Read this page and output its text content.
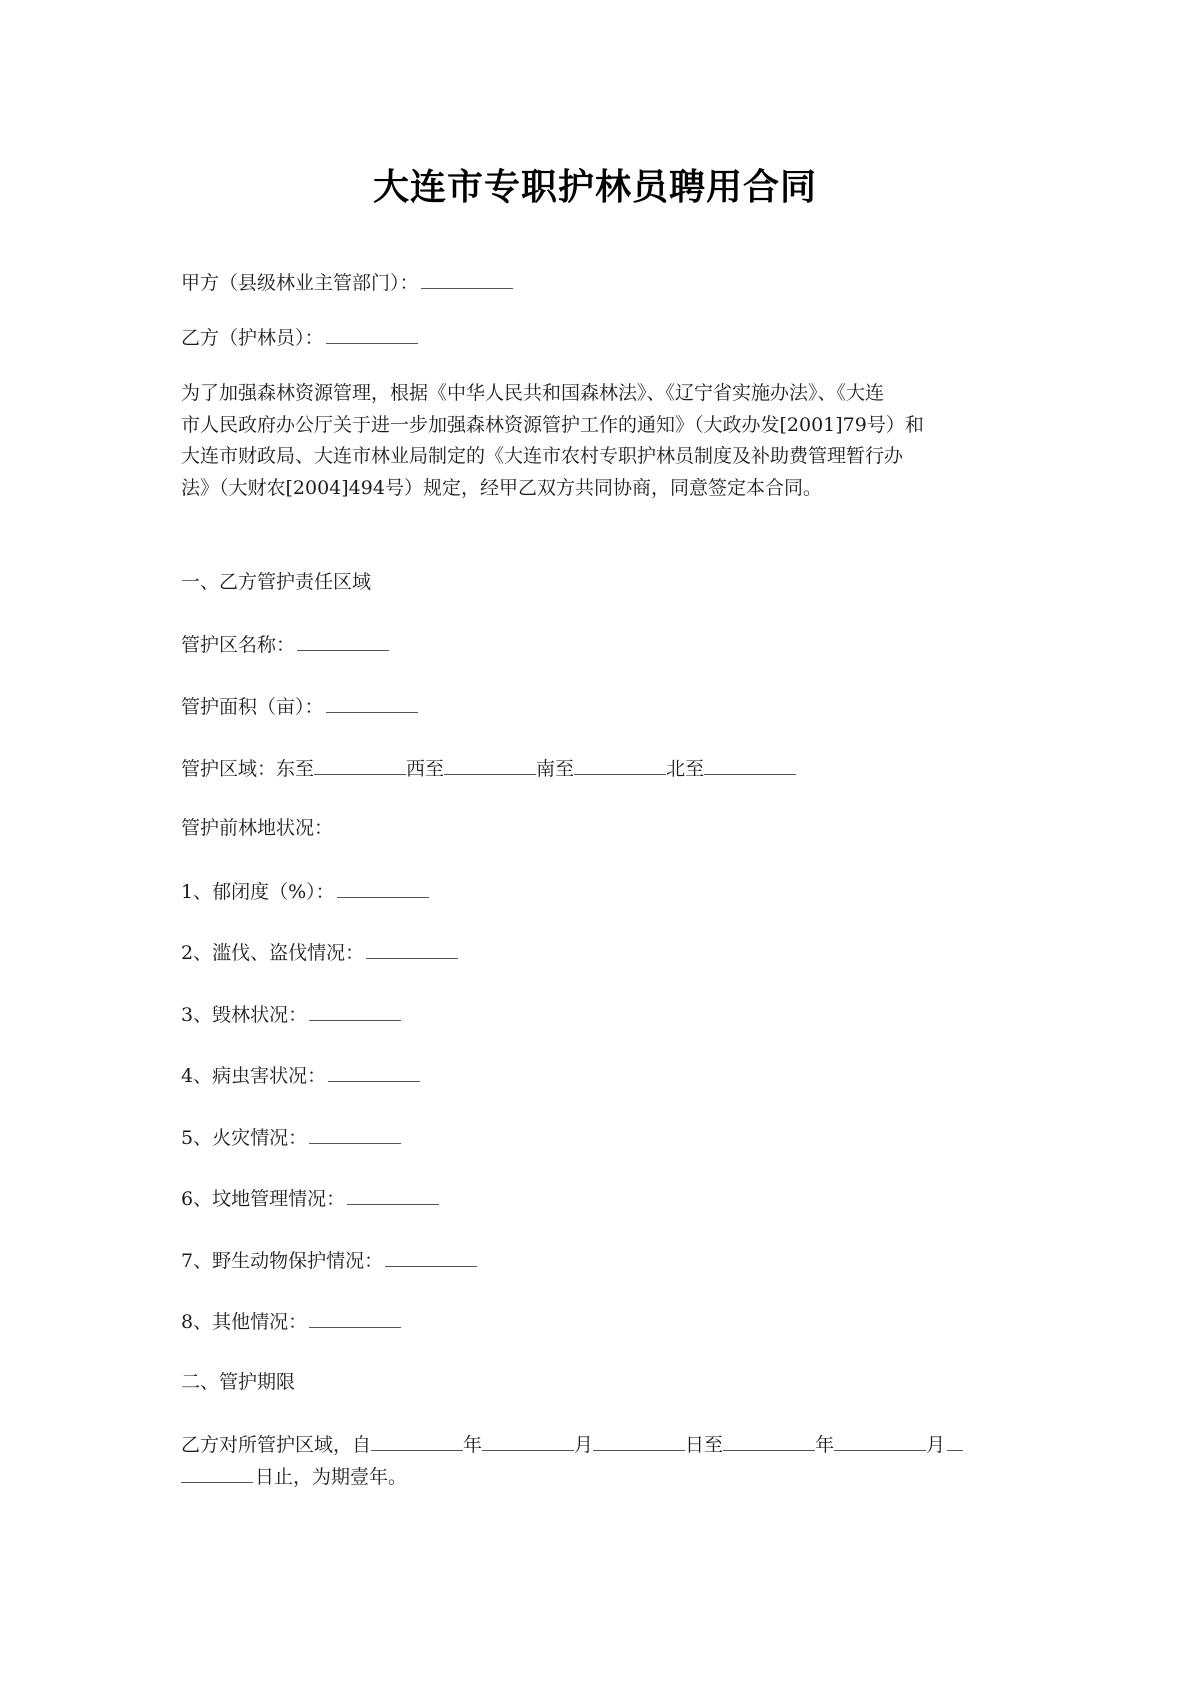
大连市专职护林员聘用合同
甲方（县级林业主管部门）：
乙方（护林员）：
为了加强森林资源管理，根据《中华人民共和国森林法》、《辽宁省实施办法》、《大连
市人民政府办公厅关于进一步加强森林资源管护工作的通知》（大政办发[2001]79号）和
大连市财政局、大连市林业局制定的《大连市农村专职护林员制度及补助费管理暂行办
法》（大财农[2004]494号）规定，经甲乙双方共同协商，同意签定本合同。
一、乙方管护责任区域
管护区名称：
管护面积（亩）：
管护区域：东至	西至	南至	北至
管护前林地状况：
1、郁闭度（%）：
2、滥伐、盗伐情况：
3、毁林状况：
4、病虫害状况：
5、火灾情况：
6、坟地管理情况：
7、野生动物保护情况：
8、其他情况：
二、管护期限
乙方对所管护区域，自	年	月	日至	年	月
日止，为期壹年。
